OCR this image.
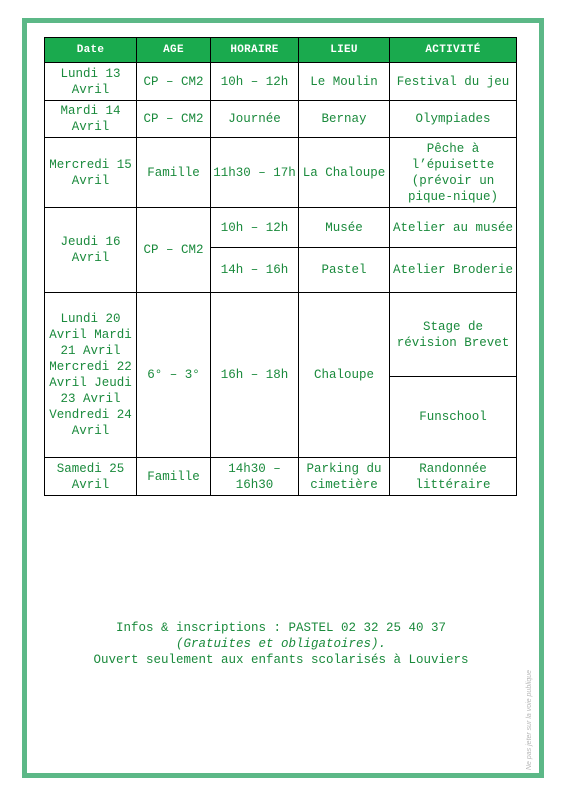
Ne pas jeter sur la voie publique
Date	AGE	HORAIRE	LIEU	ACTIVITÉ
Lundi 13 Avril	CP – CM2	10h – 12h	Le Moulin	Festival du jeu
Mardi 14 Avril	CP – CM2	Journée	Bernay	Olympiades
Mercredi 15 Avril	Famille	11h30 – 17h	La Chaloupe	Pêche à l’épuisette (prévoir un pique-nique)
Jeudi 16 Avril	CP – CM2	10h – 12h	Musée	Atelier au musée
		14h – 16h	Pastel	Atelier Broderie
Lundi 20 Avril Mardi 21 Avril Mercredi 22 Avril Jeudi 23 Avril Vendredi 24 Avril	6° – 3°	16h – 18h	Chaloupe	Stage de révision Brevet
				Funschool
Samedi 25 Avril	Famille	14h30 – 16h30	Parking du cimetière	Randonnée littéraire
Infos & inscriptions : PASTEL 02 32 25 40 37
(Gratuites et obligatoires).
Ouvert seulement aux enfants scolarisés à Louviers
